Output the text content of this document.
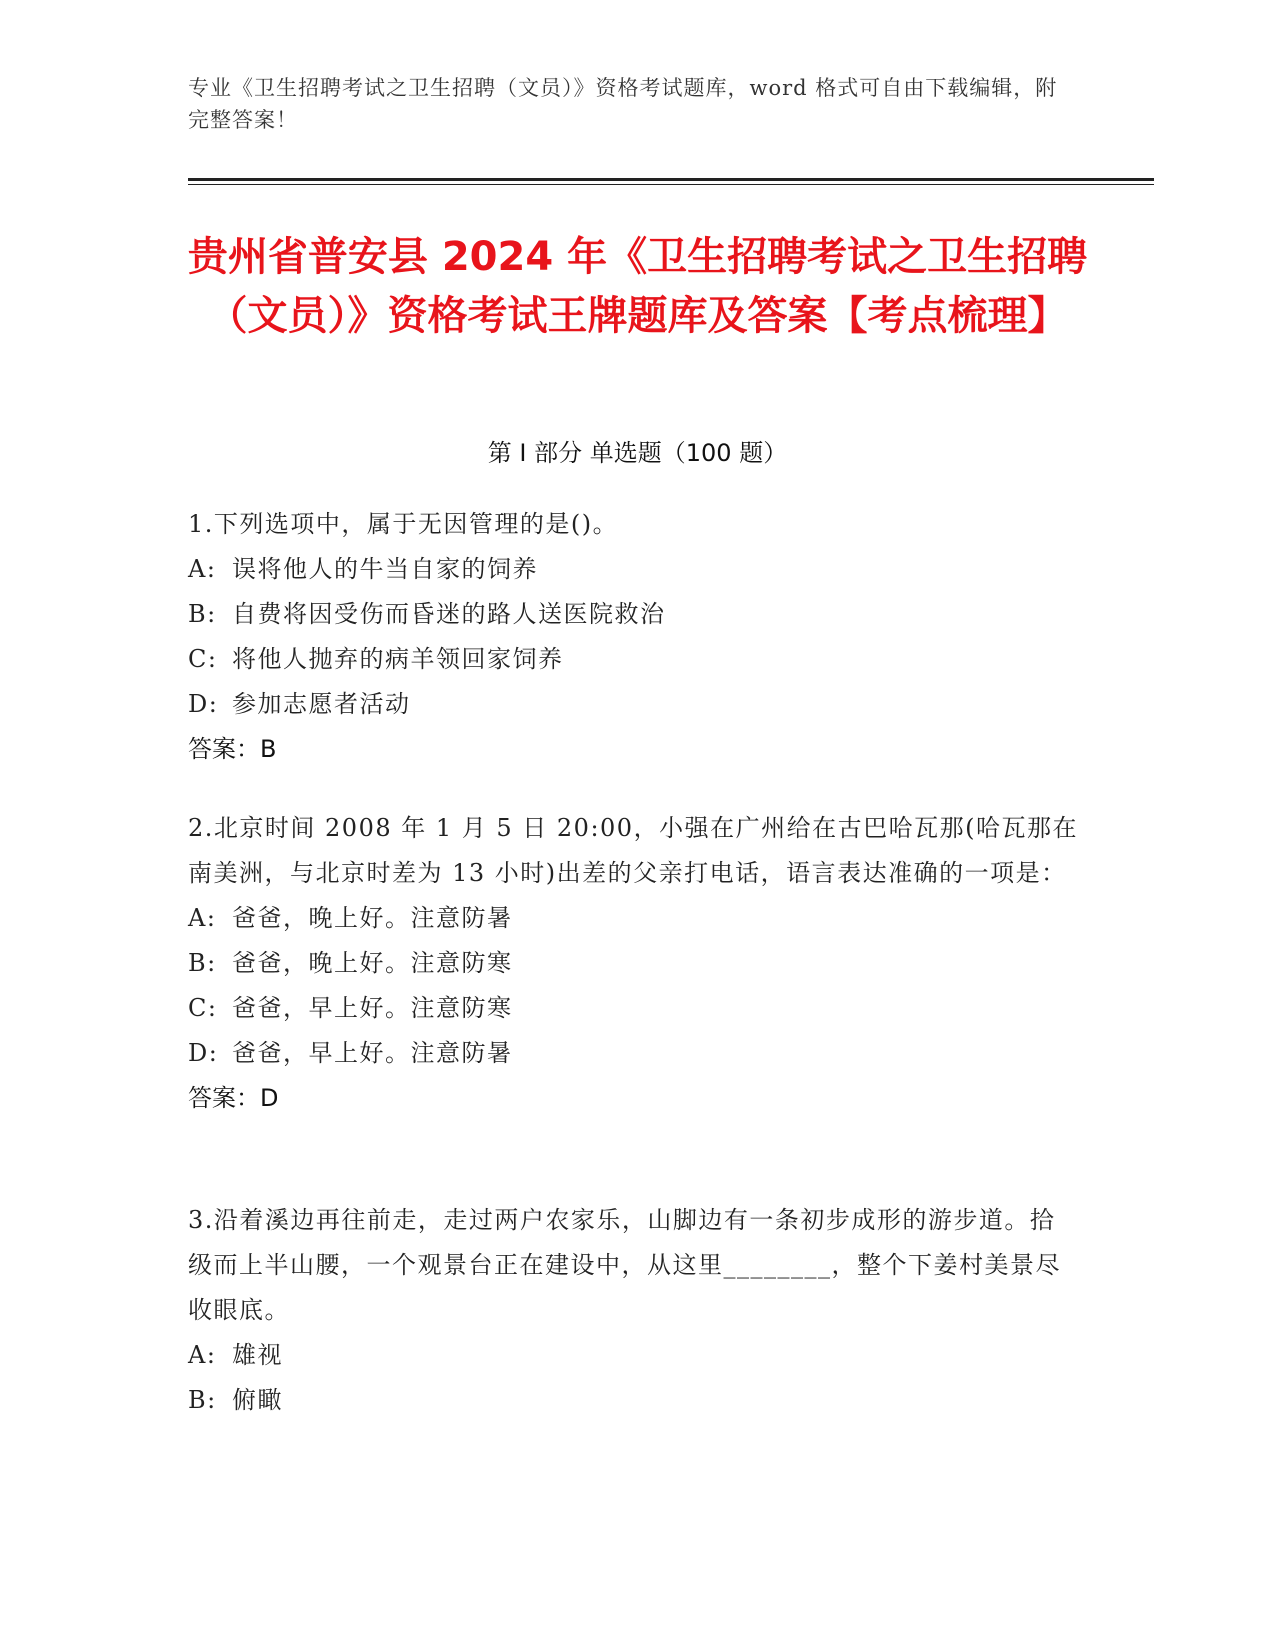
专业《卫生招聘考试之卫生招聘（文员）》资格考试题库，word 格式可自由下载编辑，附完整答案！
贵州省普安县 2024 年《卫生招聘考试之卫生招聘（文员）》资格考试王牌题库及答案【考点梳理】
第 I 部分 单选题（100 题）

1.下列选项中，属于无因管理的是()。

A: 误将他人的牛当自家的饲养
B: 自费将因受伤而昏迷的路人送医院救治
C: 将他人抛弃的病羊领回家饲养
D: 参加志愿者活动
答案：B

2.北京时间 2008 年 1 月 5 日 20:00，小强在广州给在古巴哈瓦那(哈瓦那在南美洲，与北京时差为 13 小时)出差的父亲打电话，语言表达准确的一项是：

A: 爸爸，晚上好。注意防暑
B: 爸爸，晚上好。注意防寒
C: 爸爸，早上好。注意防寒
D: 爸爸，早上好。注意防暑
答案：D

3.沿着溪边再往前走，走过两户农家乐，山脚边有一条初步成形的游步道。拾级而上半山腰，一个观景台正在建设中，从这里________，整个下姜村美景尽收眼底。

A: 雄视
B: 俯瞰
